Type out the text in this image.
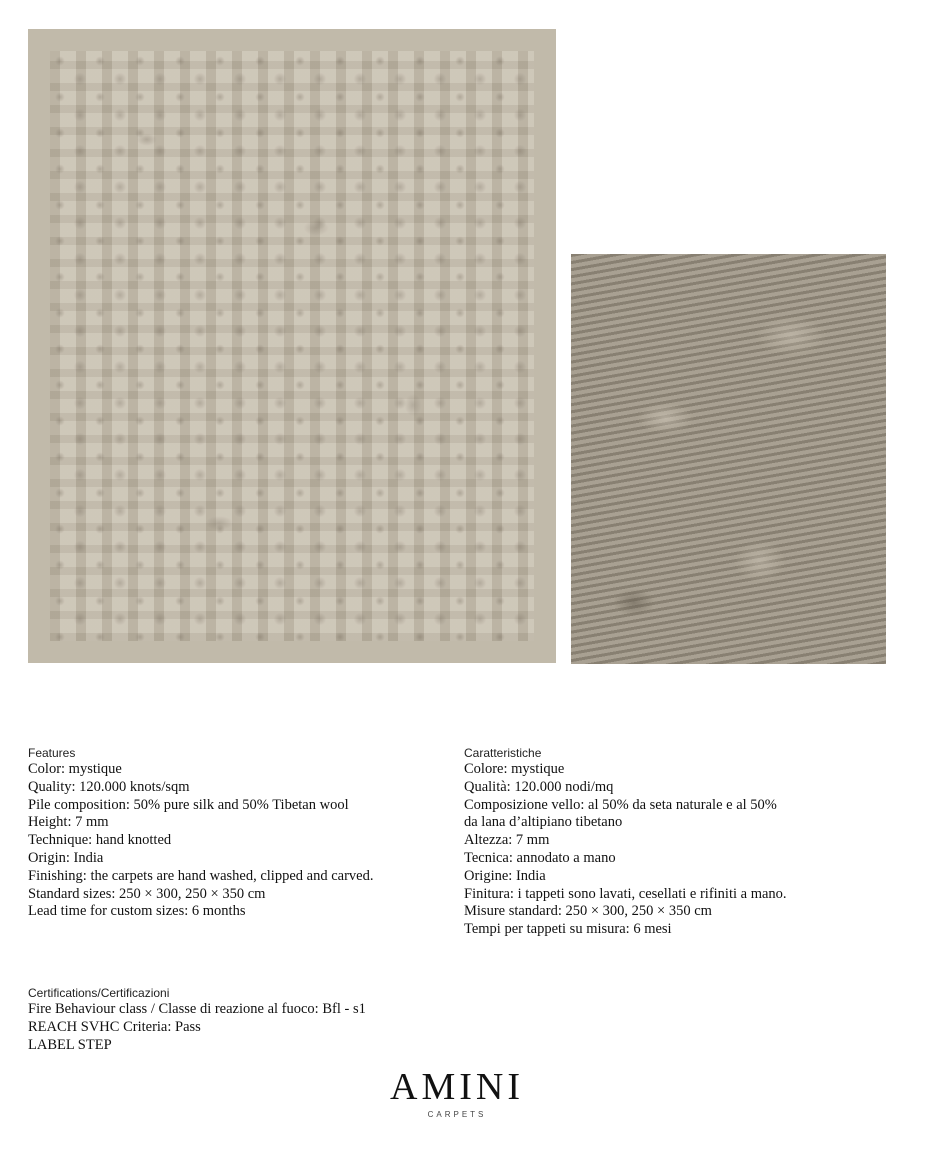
Features
Color: mystique
Quality: 120.000 knots/sqm
Pile composition: 50% pure silk and 50% Tibetan wool
Height: 7 mm
Technique: hand knotted
Origin: India
Finishing: the carpets are hand washed, clipped and carved.
Standard sizes: 250 × 300, 250 × 350 cm
Lead time for custom sizes: 6 months
Caratteristiche
Colore: mystique
Qualità: 120.000 nodi/mq
Composizione vello: al 50% da seta naturale e al 50%
da lana d’altipiano tibetano
Altezza: 7 mm
Tecnica: annodato a mano
Origine: India
Finitura: i tappeti sono lavati, cesellati e rifiniti a mano.
Misure standard: 250 × 300, 250 × 350 cm
Tempi per tappeti su misura: 6 mesi
Certifications/Certificazioni
Fire Behaviour class / Classe di reazione al fuoco: Bfl - s1
REACH SVHC Criteria: Pass
LABEL STEP
AMINI
CARPETS
